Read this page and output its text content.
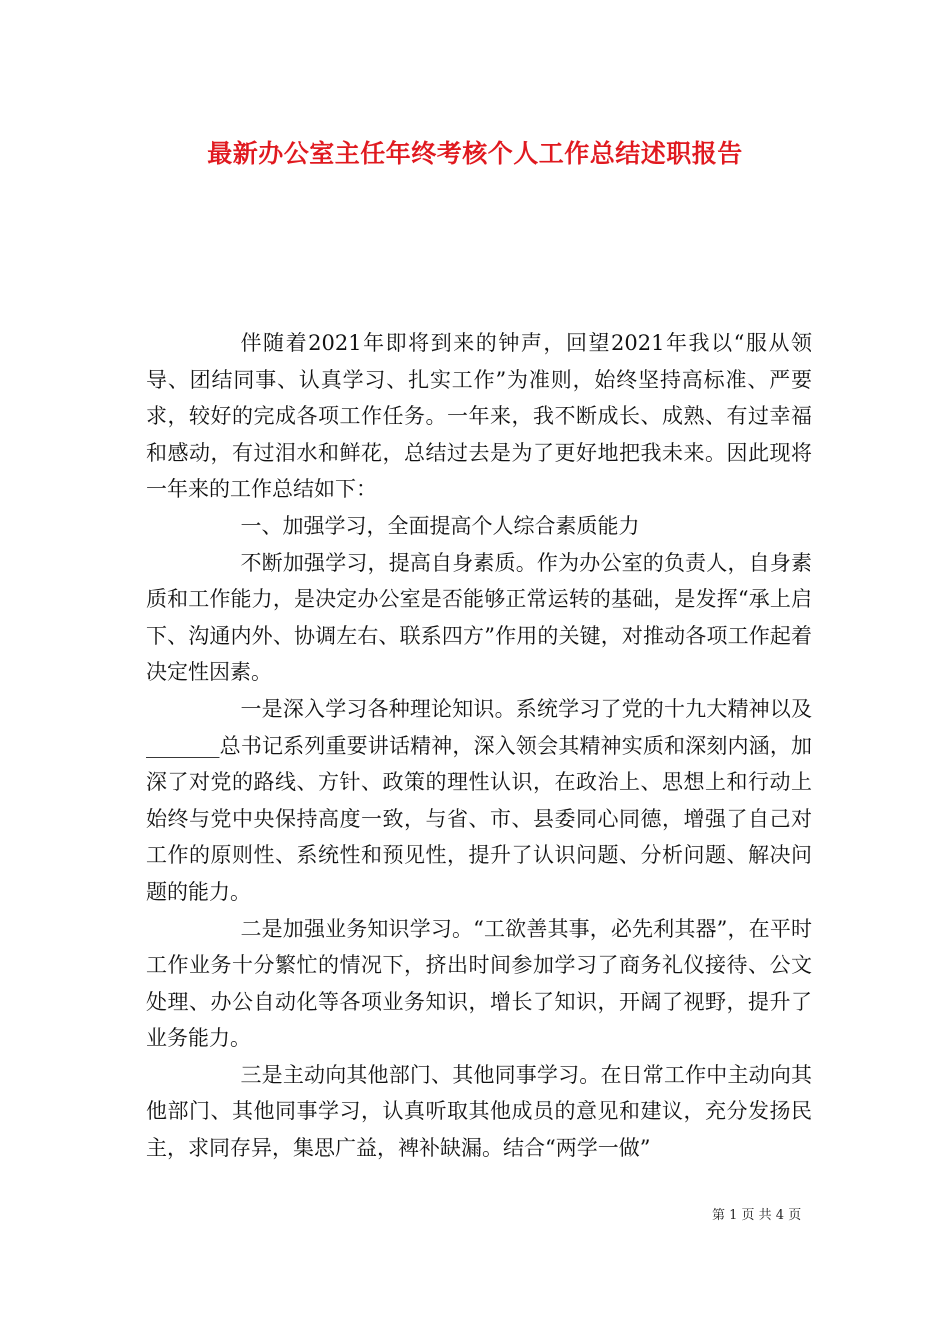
最新办公室主任年终考核个人工作总结述职报告

伴随着2021年即将到来的钟声，回望2021年我以“服从领导、团结同事、认真学习、扎实工作”为准则，始终坚持高标准、严要求，较好的完成各项工作任务。一年来，我不断成长、成熟、有过幸福和感动，有过泪水和鲜花，总结过去是为了更好地把我未来。因此现将一年来的工作总结如下：

一、加强学习，全面提高个人综合素质能力

不断加强学习，提高自身素质。作为办公室的负责人，自身素质和工作能力，是决定办公室是否能够正常运转的基础，是发挥“承上启下、沟通内外、协调左右、联系四方”作用的关键，对推动各项工作起着决定性因素。

一是深入学习各种理论知识。系统学习了党的十九大精神以及_______总书记系列重要讲话精神，深入领会其精神实质和深刻内涵，加深了对党的路线、方针、政策的理性认识，在政治上、思想上和行动上始终与党中央保持高度一致，与省、市、县委同心同德，增强了自己对工作的原则性、系统性和预见性，提升了认识问题、分析问题、解决问题的能力。

二是加强业务知识学习。“工欲善其事，必先利其器”，在平时工作业务十分繁忙的情况下，挤出时间参加学习了商务礼仪接待、公文处理、办公自动化等各项业务知识，增长了知识，开阔了视野，提升了业务能力。

三是主动向其他部门、其他同事学习。在日常工作中主动向其他部门、其他同事学习，认真听取其他成员的意见和建议，充分发扬民主，求同存异，集思广益，裨补缺漏。结合“两学一做”

第 1 页 共 4 页
